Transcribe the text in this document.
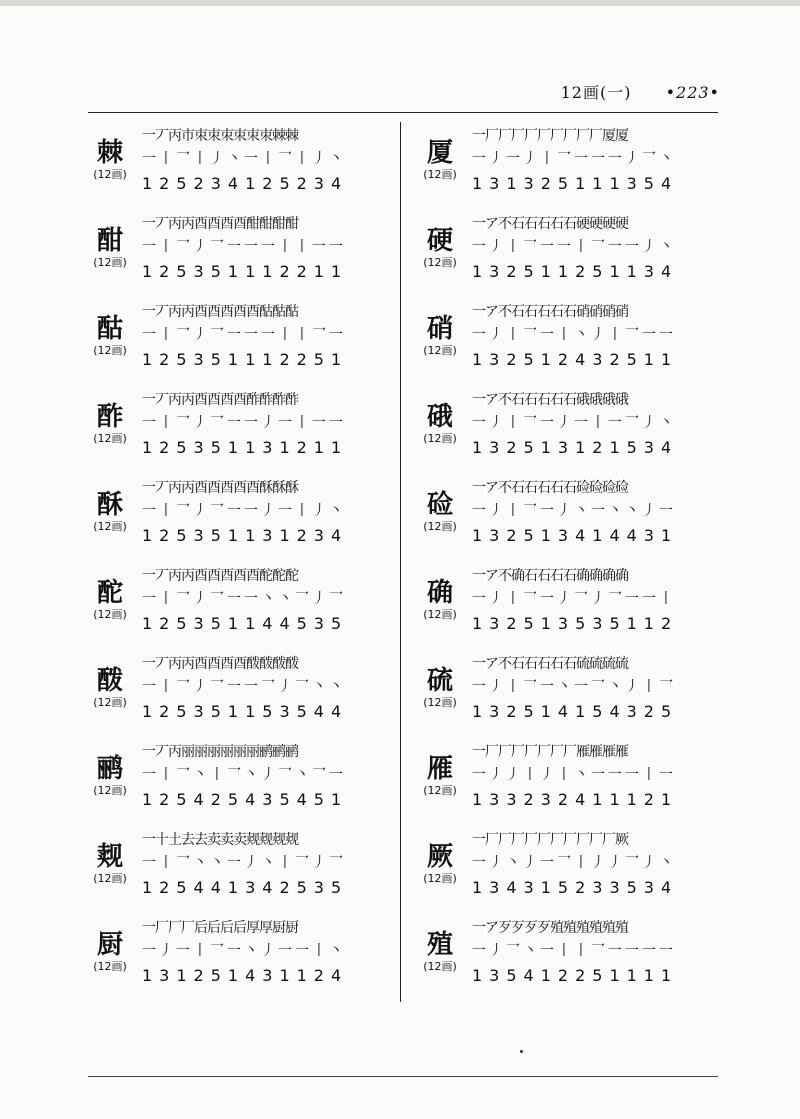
12画(一) •223•
棘
(12画)
一丆丙市朿朿朿朿朿朿棘棘
一丨乛丨丿丶一丨乛丨丿丶
125234125234
酣
(12画)
一丆丙丙酉酉酉酉酣酣酣酣
一丨乛丿乛一一一丨丨一一
125351112211
酤
(12画)
一丆丙丙酉酉酉酉酉酤酤酤
一丨乛丿乛一一一丨丨乛一
125351112251
酢
(12画)
一丆丙丙酉酉酉酉酢酢酢酢
一丨乛丿乛一一丿一丨一一
125351131211
酥
(12画)
一丆丙丙酉酉酉酉酉酥酥酥
一丨乛丿乛一一丿一丨丿丶
125351131234
酡
(12画)
一丆丙丙酉酉酉酉酉酡酡酡
一丨乛丿乛一一丶丶乛丿乛
125351144535
酦
(12画)
一丆丙丙酉酉酉酉酦酦酦酦
一丨乛丿乛一一乛丿乛丶丶
125351153544
鹂
(12画)
一丆丙丽丽丽丽丽丽鹂鹂鹂
一丨乛丶丨乛丶丿乛丶乛一
125425435451
觌
(12画)
一十土去去卖卖卖觌觌觌觌
一丨乛丶丶一丿丶丨乛丿乛
125441342535
厨
(12画)
一厂厂厂后后后后厚厚厨厨
一丿一丨乛一丶丿一一丨丶
131251431124
厦
(12画)
一厂厂厂厂厂厂厂厂厂厦厦
一丿一丿丨乛一一一丿乛丶
131325111354
硬
(12画)
一ア不石石石石石硬硬硬硬
一丿丨乛一一丨乛一一丿丶
132511251134
硝
(12画)
一ア不石石石石石硝硝硝硝
一丿丨乛一丨丶丿丨乛一一
132512432511
硪
(12画)
一ア不石石石石石硪硪硪硪
一丿丨乛一丿一丨一乛丿丶
132513121534
硷
(12画)
一ア不石石石石石硷硷硷硷
一丿丨乛一丿丶一丶丶丿一
132513414431
确
(12画)
一ア不确石石石石确确确确
一丿丨乛一丿乛丿乛一一丨
132513535112
硫
(12画)
一ア不石石石石石硫硫硫硫
一丿丨乛一丶一乛丶丿丨乛
132514154325
雁
(12画)
一厂厂厂厂厂厂厂雁雁雁雁
一丿丿丨丿丨丶一一一丨一
133232411121
厥
(12画)
一厂厂厂厂厂厂厂厂厂厂厥
一丿丶丿一乛丨丿丿乛丿丶
134315233534
殖
(12画)
一ア歹歹歹歹殖殖殖殖殖殖
一丿乛丶一丨丨乛一一一一
135412251111
